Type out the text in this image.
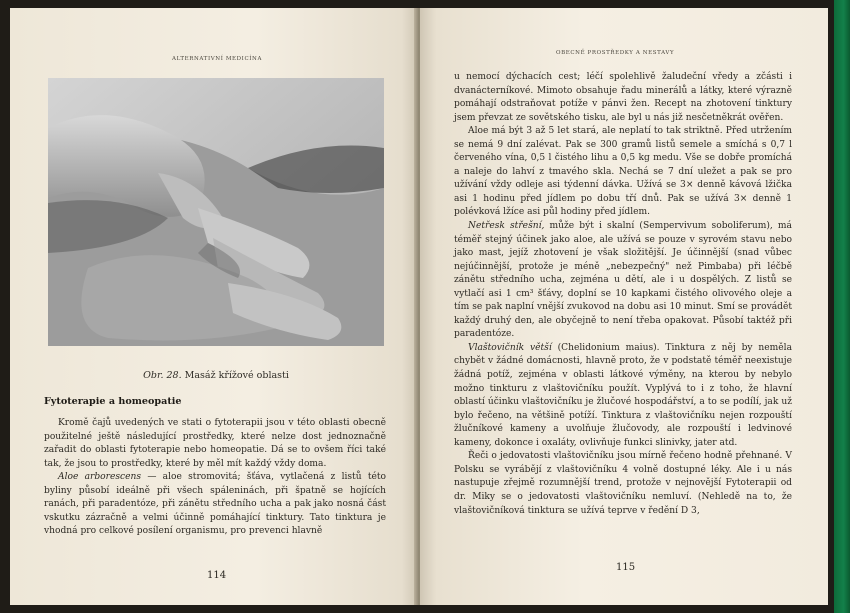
ALTERNATIVNÍ MEDICÍNA
Obr. 28. Masáž křížové oblasti
Fytoterapie a homeopatie

Kromě čajů uvedených ve stati o fytoterapii jsou v této oblasti obecně použitelné ještě následující prostředky, které nelze dost jednoznačně zařadit do oblasti fytoterapie nebo homeopatie. Dá se to ovšem říci také tak, že jsou to prostředky, které by měl mít každý vždy doma.

Aloe arborescens — aloe stromovitá; šťáva, vytlačená z listů této byliny působí ideálně při všech spáleninách, při špatně se hojících ranách, při paradentóze, při zánětu středního ucha a pak jako nosná část vskutku zázračně a velmi účinně pomáhající tinktury. Tato tinktura je vhodná pro celkové posílení organismu, pro prevenci hlavně

114
OBECNĚ PROSTŘEDKY A NESTAVY

u nemocí dýchacích cest; léčí spolehlivě žaludeční vředy a zčásti i dvanácterníkové. Mimoto obsahuje řadu minerálů a látky, které výrazně pomáhají odstraňovat potíže v pánvi žen. Recept na zhotovení tinktury jsem převzat ze sovětského tisku, ale byl u nás již nesčetněkrát ověřen.

Aloe má být 3 až 5 let stará, ale neplatí to tak striktně. Před utržením se nemá 9 dní zalévat. Pak se 300 gramů listů semele a smíchá s 0,7 l červeného vína, 0,5 l čistého lihu a 0,5 kg medu. Vše se dobře promíchá a naleje do lahví z tmavého skla. Nechá se 7 dní uležet a pak se pro užívání vždy odleje asi týdenní dávka. Užívá se 3× denně kávová lžička asi 1 hodinu před jídlem po dobu tří dnů. Pak se užívá 3× denně 1 polévková lžíce asi půl hodiny před jídlem.

Netřesk střešní, může být i skalní (Sempervivum soboliferum), má téměř stejný účinek jako aloe, ale užívá se pouze v syrovém stavu nebo jako mast, jejíž zhotovení je však složitější. Je účinnější (snad vůbec nejúčinnější, protože je méně „nebezpečný" než Pimbaba) při léčbě zánětu středního ucha, zejména u dětí, ale i u dospělých. Z listů se vytlačí asi 1 cm³ šťávy, doplní se 10 kapkami čistého olivového oleje a tím se pak naplní vnější zvukovod na dobu asi 10 minut. Smí se provádět každý druhý den, ale obyčejně to není třeba opakovat. Působí taktéž při paradentóze.

Vlaštovičník větší (Chelidonium maius). Tinktura z něj by neměla chybět v žádné domácnosti, hlavně proto, že v podstatě téměř neexistuje žádná potíž, zejména v oblasti látkové výměny, na kterou by nebylo možno tinkturu z vlaštovičníku použít. Vyplývá to i z toho, že hlavní oblastí účinku vlaštovičníku je žlučové hospodářství, a to se podílí, jak už bylo řečeno, na většině potíží. Tinktura z vlaštovičníku nejen rozpouští žlučníkové kameny a uvolňuje žlučovody, ale rozpouští i ledvinové kameny, dokonce i oxaláty, ovlivňuje funkci slinivky, jater atd.

Řeči o jedovatosti vlaštovičníku jsou mírně řečeno hodně přehnané. V Polsku se vyrábějí z vlaštovičníku 4 volně dostupné léky. Ale i u nás nastupuje zřejmě rozumnější trend, protože v nejnovější Fytoterapii od dr. Miky se o jedovatosti vlaštovičníku nemluví. (Nehledě na to, že vlaštovičníková tinktura se užívá teprve v ředění D 3,

115
